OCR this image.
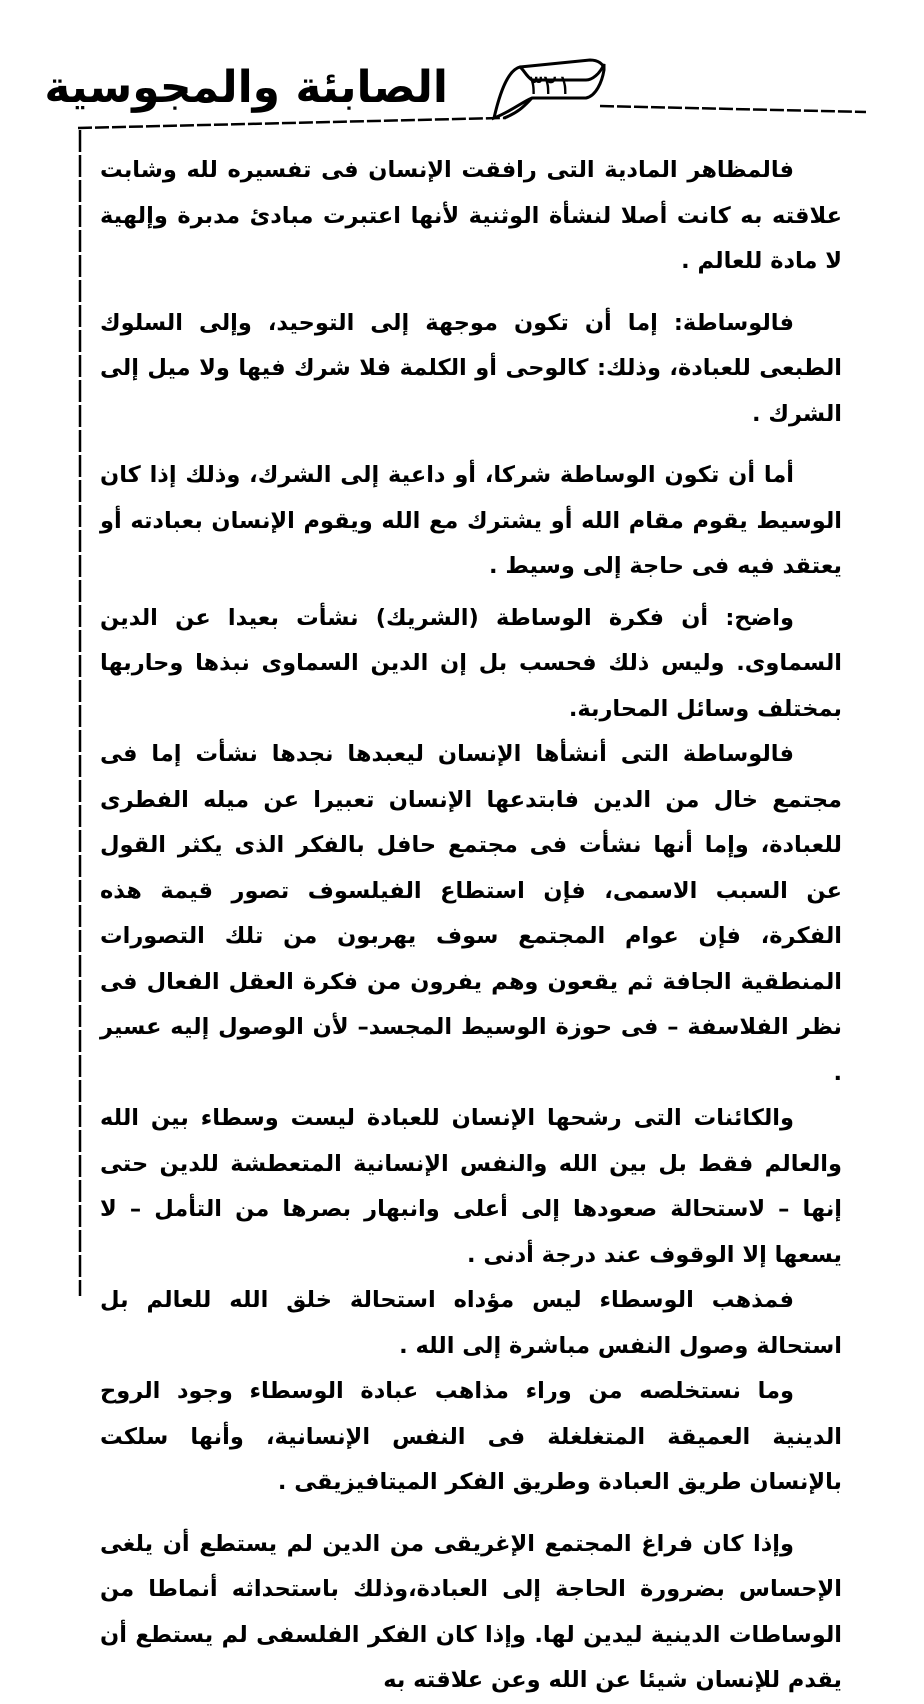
الصابئة والمجوسية	٣٢١

فالمظاهر المادية التى رافقت الإنسان فى تفسيره لله وشابت علاقته به كانت أصلا لنشأة الوثنية لأنها اعتبرت مبادئ مدبرة وإلهية لا مادة للعالم .

فالوساطة: إما أن تكون موجهة إلى التوحيد، وإلى السلوك الطبعى للعبادة، وذلك: كالوحى أو الكلمة فلا شرك فيها ولا ميل إلى الشرك .

أما أن تكون الوساطة شركا، أو داعية إلى الشرك، وذلك إذا كان الوسيط يقوم مقام الله أو يشترك مع الله ويقوم الإنسان بعبادته أو يعتقد فيه فى حاجة إلى وسيط .

واضح: أن فكرة الوساطة (الشريك) نشأت بعيدا عن الدين السماوى. وليس ذلك فحسب بل إن الدين السماوى نبذها وحاربها بمختلف وسائل المحاربة.

فالوساطة التى أنشأها الإنسان ليعبدها نجدها نشأت إما فى مجتمع خال من الدين فابتدعها الإنسان تعبيرا عن ميله الفطرى للعبادة، وإما أنها نشأت فى مجتمع حافل بالفكر الذى يكثر القول عن السبب الاسمى، فإن استطاع الفيلسوف تصور قيمة هذه الفكرة، فإن عوام المجتمع سوف يهربون من تلك التصورات المنطقية الجافة ثم يقعون وهم يفرون من فكرة العقل الفعال فى نظر الفلاسفة – فى حوزة الوسيط المجسد– لأن الوصول إليه عسير .

والكائنات التى رشحها الإنسان للعبادة ليست وسطاء بين الله والعالم فقط بل بين الله والنفس الإنسانية المتعطشة للدين حتى إنها – لاستحالة صعودها إلى أعلى وانبهار بصرها من التأمل – لا يسعها إلا الوقوف عند درجة أدنى .

فمذهب الوسطاء ليس مؤداه استحالة خلق الله للعالم بل استحالة وصول النفس مباشرة إلى الله .

وما نستخلصه من وراء مذاهب عبادة الوسطاء وجود الروح الدينية العميقة المتغلغلة فى النفس الإنسانية، وأنها سلكت بالإنسان طريق العبادة وطريق الفكر الميتافيزيقى .

وإذا كان فراغ المجتمع الإغريقى من الدين لم يستطع أن يلغى الإحساس بضرورة الحاجة إلى العبادة،وذلك باستحداثه أنماطا من الوساطات الدينية ليدين لها. وإذا كان الفكر الفلسفى لم يستطع أن يقدم للإنسان شيئا عن الله وعن علاقته به
